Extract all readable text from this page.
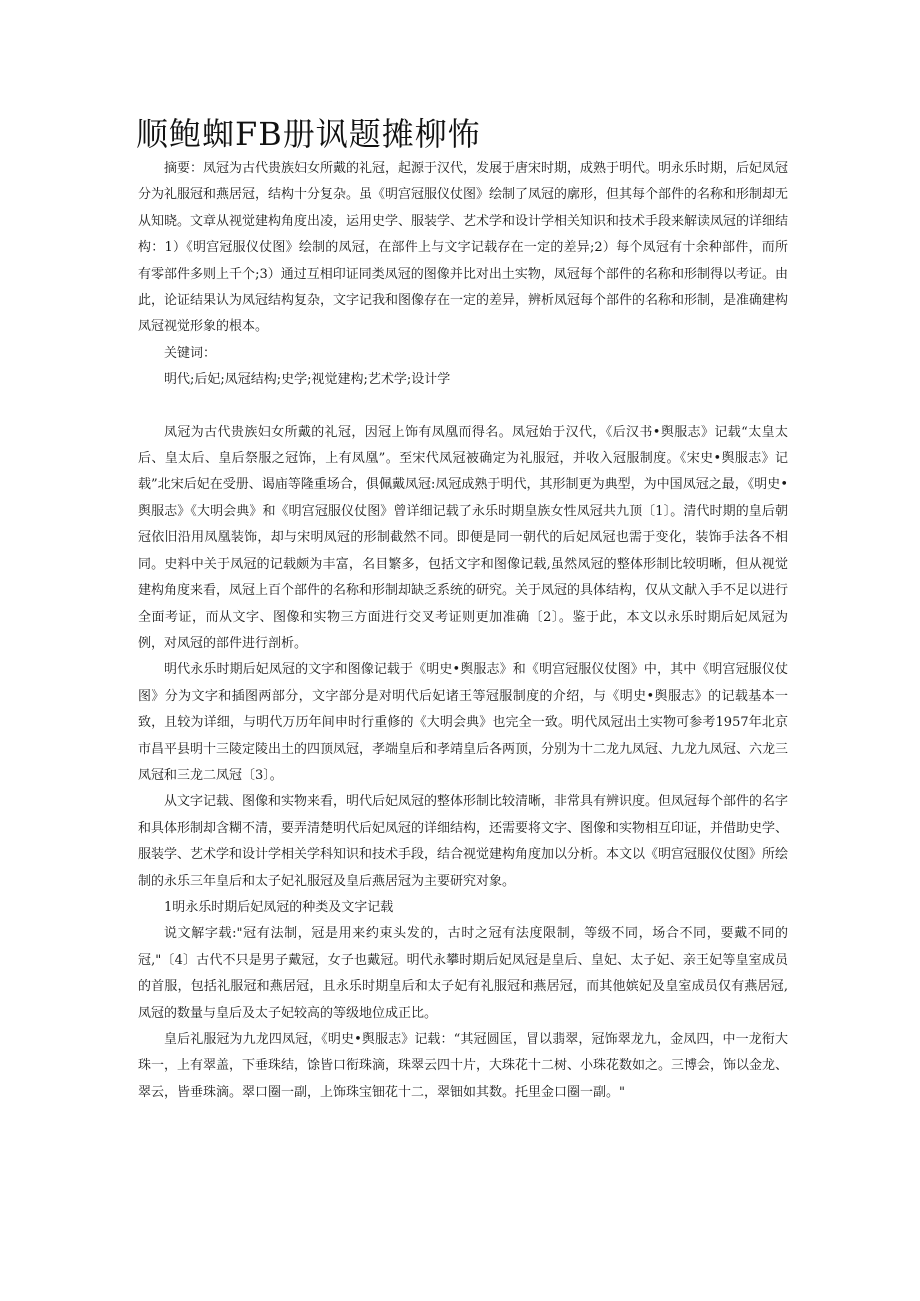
顺鲍蜘FB册讽题摊柳怖

摘要：凤冠为古代贵族妇女所戴的礼冠，起源于汉代，发展于唐宋时期，成熟于明代。明永乐时期，后妃凤冠分为礼服冠和燕居冠，结构十分复杂。虽《明宫冠服仪仗图》绘制了凤冠的廓形，但其每个部件的名称和形制却无从知晓。文章从视觉建构角度出凌，运用史学、服装学、艺术学和设计学相关知识和技术手段来解读凤冠的详细结构：1）《明宫冠服仪仗图》绘制的凤冠，在部件上与文字记载存在一定的差异;2）每个凤冠有十余种部件，而所有零部件多则上千个;3）通过互相印证同类凤冠的图像并比对出土实物，凤冠每个部件的名称和形制得以考证。由此，论证结果认为凤冠结构复杂，文字记我和图像存在一定的差异，辨析凤冠每个部件的名称和形制，是准确建构凤冠视觉形象的根本。

关键词：

明代;后妃;凤冠结构;史学;视觉建构;艺术学;设计学

凤冠为古代贵族妇女所戴的礼冠，因冠上饰有凤凰而得名。凤冠始于汉代，《后汉书•舆服志》记载“太皇太后、皇太后、皇后祭服之冠饰，上有凤凰”。至宋代凤冠被确定为礼服冠，并收入冠服制度。《宋史•舆服志》记载”北宋后妃在受册、谒庙等隆重场合，俱佩戴凤冠:凤冠成熟于明代，其形制更为典型，为中国凤冠之最，《明史•舆服志》《大明会典》和《明宫冠服仪仗图》曾详细记载了永乐时期皇族女性凤冠共九顶〔1〕。清代时期的皇后朝冠依旧沿用凤凰装饰，却与宋明凤冠的形制截然不同。即便是同一朝代的后妃凤冠也需于变化，装饰手法各不相同。史料中关于凤冠的记载颇为丰富，名目繁多，包括文字和图像记载,虽然凤冠的整体形制比较明晰，但从视觉建构角度来看，凤冠上百个部件的名称和形制却缺乏系统的研究。关于凤冠的具体结构，仅从文献入手不足以进行全面考证，而从文字、图像和实物三方面进行交叉考证则更加准确〔2〕。鉴于此，本文以永乐时期后妃凤冠为例，对凤冠的部件进行剖析。

明代永乐时期后妃凤冠的文字和图像记载于《明史•舆服志》和《明宫冠服仪仗图》中，其中《明宫冠服仪仗图》分为文字和插图两部分，文字部分是对明代后妃诸王等冠服制度的介绍，与《明史•舆服志》的记载基本一致，且较为详细，与明代万历年间申时行重修的《大明会典》也完全一致。明代凤冠出土实物可参考1957年北京市昌平县明十三陵定陵出土的四顶凤冠，孝端皇后和孝靖皇后各两顶，分别为十二龙九凤冠、九龙九凤冠、六龙三凤冠和三龙二凤冠〔3〕。

从文字记载、图像和实物来看，明代后妃凤冠的整体形制比较清晰，非常具有辨识度。但凤冠每个部件的名字和具体形制却含糊不清，要弄清楚明代后妃凤冠的详细结构，还需要将文字、图像和实物相互印证，并借助史学、服装学、艺术学和设计学相关学科知识和技术手段，结合视觉建构角度加以分析。本文以《明宫冠服仪仗图》所绘制的永乐三年皇后和太子妃礼服冠及皇后燕居冠为主要研究对象。

1明永乐时期后妃凤冠的种类及文字记载

说文解字载:"冠有法制，冠是用来约束头发的，古时之冠有法度限制，等级不同，场合不同，要戴不同的冠,"〔4〕古代不只是男子戴冠，女子也戴冠。明代永攀时期后妃凤冠是皇后、皇妃、太子妃、亲王妃等皇室成员的首服，包括礼服冠和燕居冠，且永乐时期皇后和太子妃有礼服冠和燕居冠，而其他嫔妃及皇室成员仅有燕居冠,凤冠的数量与皇后及太子妃较高的等级地位成正比。

皇后礼服冠为九龙四凤冠，《明史•舆服志》记载：“其冠圆匡，冒以翡翠，冠饰翠龙九，金凤四，中一龙衔大珠一，上有翠盖，下垂珠结，馀皆口衔珠滴，珠翠云四十片，大珠花十二树、小珠花数如之。三博会，饰以金龙、翠云，皆垂珠滴。翠口圈一副，上饰珠宝钿花十二，翠钿如其数。托里金口圈一副。"
